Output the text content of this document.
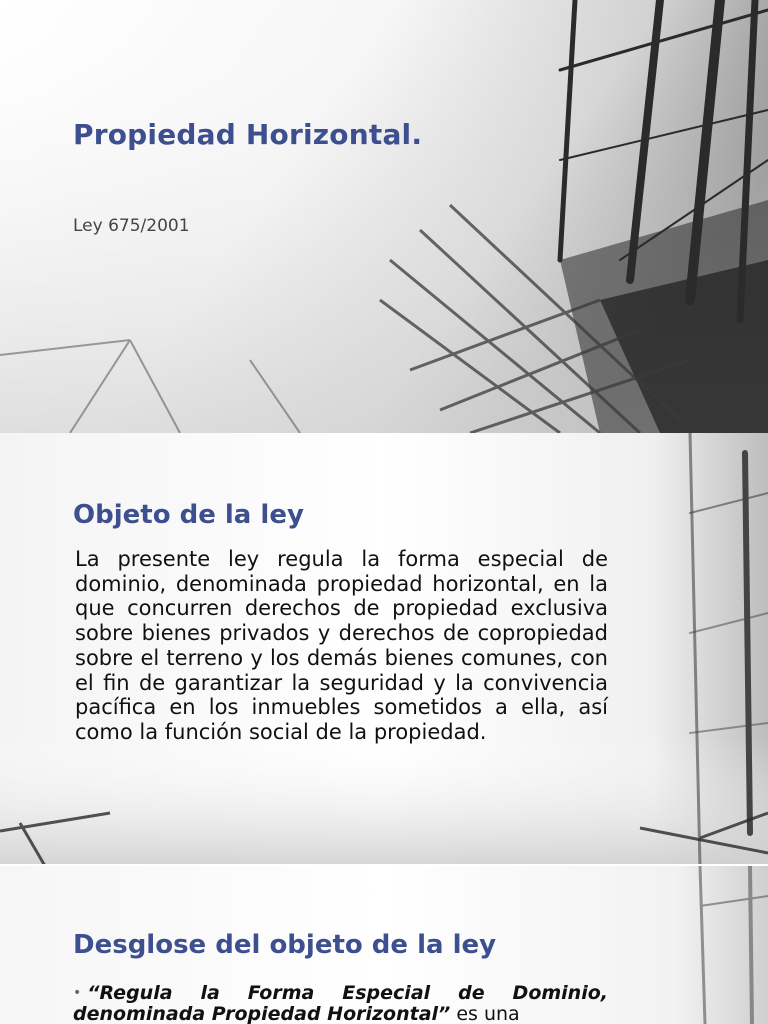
Propiedad Horizontal.
Ley 675/2001
Objeto de la ley

La presente ley regula la forma especial de dominio, denominada propiedad horizontal, en la que concurren derechos de propiedad exclusiva sobre bienes privados y derechos de copropiedad sobre el terreno y los demás bienes comunes, con el fin de garantizar la seguridad y la convivencia pacífica en los inmuebles sometidos a ella, así como la función social de la propiedad.

Desglose del objeto de la ley

• “Regula la Forma Especial de Dominio, denominada Propiedad Horizontal” es una
